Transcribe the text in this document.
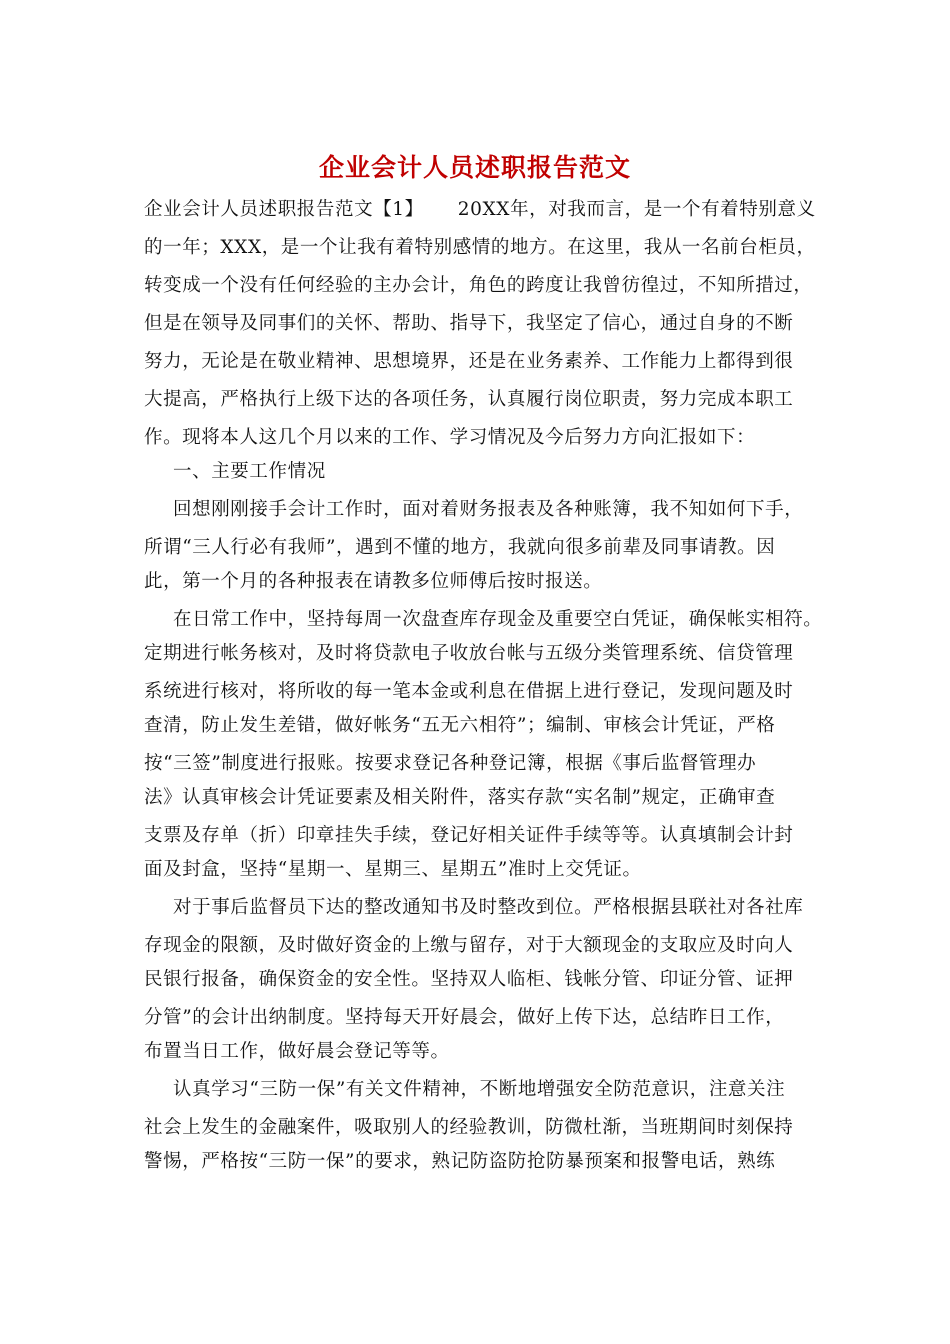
企业会计人员述职报告范文
企业会计人员述职报告范文【1】 20XX年，对我而言，是一个有着特别意义
的一年；XXX，是一个让我有着特别感情的地方。在这里，我从一名前台柜员，
转变成一个没有任何经验的主办会计，角色的跨度让我曾彷徨过，不知所措过，
但是在领导及同事们的关怀、帮助、指导下，我坚定了信心，通过自身的不断
努力，无论是在敬业精神、思想境界，还是在业务素养、工作能力上都得到很
大提高，严格执行上级下达的各项任务，认真履行岗位职责，努力完成本职工
作。现将本人这几个月以来的工作、学习情况及今后努力方向汇报如下：
一、主要工作情况
回想刚刚接手会计工作时，面对着财务报表及各种账簿，我不知如何下手，
所谓“三人行必有我师”，遇到不懂的地方，我就向很多前辈及同事请教。因
此，第一个月的各种报表在请教多位师傅后按时报送。
在日常工作中，坚持每周一次盘查库存现金及重要空白凭证，确保帐实相符。
定期进行帐务核对，及时将贷款电子收放台帐与五级分类管理系统、信贷管理
系统进行核对，将所收的每一笔本金或利息在借据上进行登记，发现问题及时
查清，防止发生差错，做好帐务“五无六相符”；编制、审核会计凭证，严格
按“三签”制度进行报账。按要求登记各种登记簿，根据《事后监督管理办
法》认真审核会计凭证要素及相关附件，落实存款“实名制”规定，正确审查
支票及存单（折）印章挂失手续，登记好相关证件手续等等。认真填制会计封
面及封盒，坚持“星期一、星期三、星期五”准时上交凭证。
对于事后监督员下达的整改通知书及时整改到位。严格根据县联社对各社库
存现金的限额，及时做好资金的上缴与留存，对于大额现金的支取应及时向人
民银行报备，确保资金的安全性。坚持双人临柜、钱帐分管、印证分管、证押
分管”的会计出纳制度。坚持每天开好晨会，做好上传下达，总结昨日工作，
布置当日工作，做好晨会登记等等。
认真学习“三防一保”有关文件精神，不断地增强安全防范意识，注意关注
社会上发生的金融案件，吸取别人的经验教训，防微杜渐，当班期间时刻保持
警惕，严格按“三防一保”的要求，熟记防盗防抢防暴预案和报警电话，熟练
